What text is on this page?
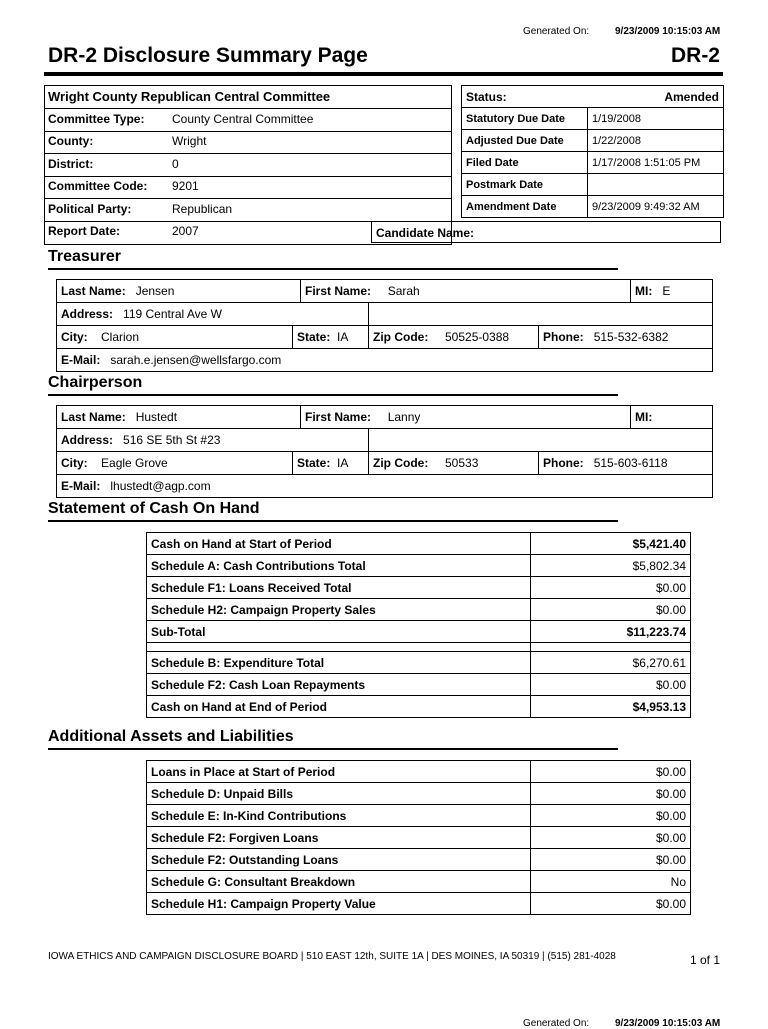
Generated On:	9/23/2009 10:15:03 AM
DR-2 Disclosure Summary Page	DR-2
Wright County Republican Central Committee	
Committee Type:	County Central Committee
County:	Wright
District:	0
Committee Code:	9201
Political Party:	Republican
Report Date:	2007	Candidate Name:
Status:	Amended
Statutory Due Date	1/19/2008
Adjusted Due Date	1/22/2008
Filed Date	1/17/2008 1:51:05 PM
Postmark Date	
Amendment Date	9/23/2009 9:49:32 AM
Treasurer
Last Name: Jensen		First Name: Sarah			MI: E
Address: 119 Central Ave W					
City: Clarion	State: IA		Zip Code: 50525-0388	Phone: 515-532-6382	
E-Mail: sarah.e.jensen@wellsfargo.com					
Chairperson
Last Name: Hustedt		First Name: Lanny			MI:
Address: 516 SE 5th St #23					
City: Eagle Grove	State: IA		Zip Code: 50533	Phone: 515-603-6118	
E-Mail: lhustedt@agp.com					
Statement of Cash On Hand
Cash on Hand at Start of Period	$5,421.40
Schedule A: Cash Contributions Total	$5,802.34
Schedule F1: Loans Received Total	$0.00
Schedule H2: Campaign Property Sales	$0.00
Sub-Total	$11,223.74

Schedule B: Expenditure Total	$6,270.61
Schedule F2: Cash Loan Repayments	$0.00
Cash on Hand at End of Period	$4,953.13
Additional Assets and Liabilities
Loans in Place at Start of Period	$0.00
Schedule D: Unpaid Bills	$0.00
Schedule E: In-Kind Contributions	$0.00
Schedule F2: Forgiven Loans	$0.00
Schedule F2: Outstanding Loans	$0.00
Schedule G: Consultant Breakdown	No
Schedule H1: Campaign Property Value	$0.00
IOWA ETHICS AND CAMPAIGN DISCLOSURE BOARD | 510 EAST 12th, SUITE 1A | DES MOINES, IA 50319 | (515) 281-4028	1 of 1
Generated On:	9/23/2009 10:15:03 AM
